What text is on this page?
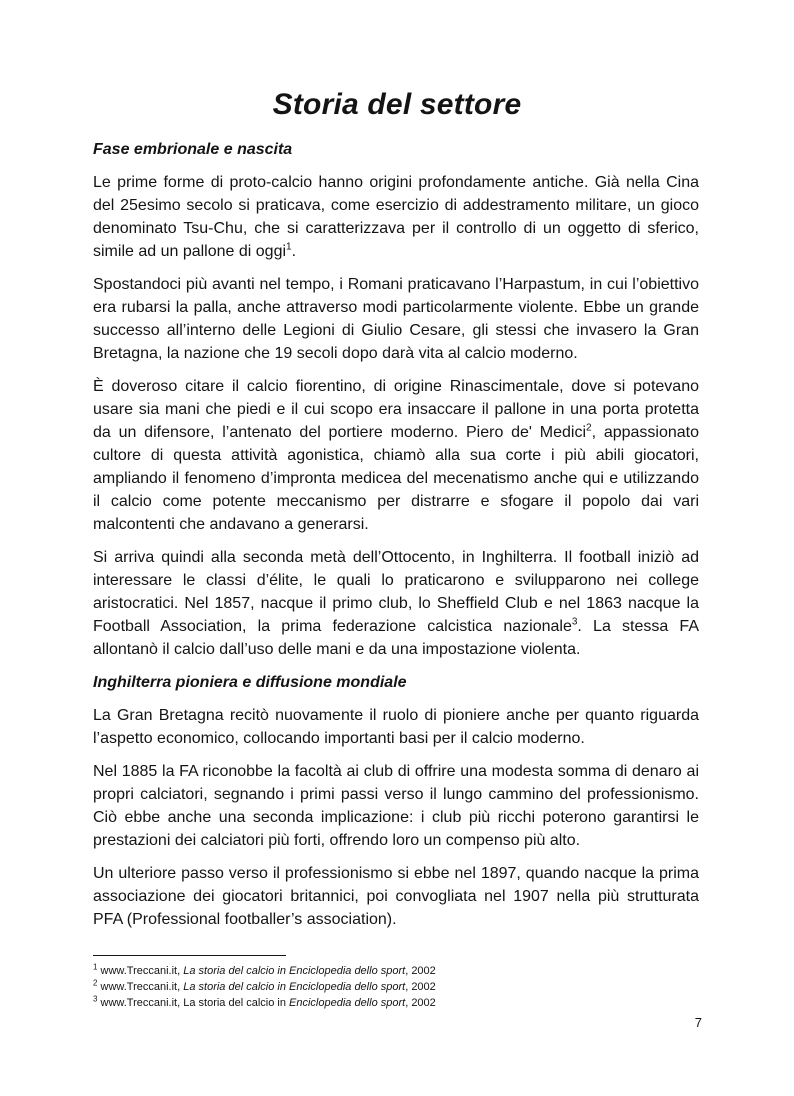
Storia del settore
Fase embrionale e nascita

Le prime forme di proto-calcio hanno origini profondamente antiche. Già nella Cina del 25esimo secolo si praticava, come esercizio di addestramento militare, un gioco denominato Tsu-Chu, che si caratterizzava per il controllo di un oggetto di sferico, simile ad un pallone di oggi$^1$.

Spostandoci più avanti nel tempo, i Romani praticavano l’Harpastum, in cui l’obiettivo era rubarsi la palla, anche attraverso modi particolarmente violente. Ebbe un grande successo all’interno delle Legioni di Giulio Cesare, gli stessi che invasero la Gran Bretagna, la nazione che 19 secoli dopo darà vita al calcio moderno.

È doveroso citare il calcio fiorentino, di origine Rinascimentale, dove si potevano usare sia mani che piedi e il cui scopo era insaccare il pallone in una porta protetta da un difensore, l’antenato del portiere moderno. Piero de' Medici$^2$, appassionato cultore di questa attività agonistica, chiamò alla sua corte i più abili giocatori, ampliando il fenomeno d’impronta medicea del mecenatismo anche qui e utilizzando il calcio come potente meccanismo per distrarre e sfogare il popolo dai vari malcontenti che andavano a generarsi.

Si arriva quindi alla seconda metà dell’Ottocento, in Inghilterra. Il football iniziò ad interessare le classi d’élite, le quali lo praticarono e svilupparono nei college aristocratici. Nel 1857, nacque il primo club, lo Sheffield Club e nel 1863 nacque la Football Association, la prima federazione calcistica nazionale$^3$. La stessa FA allontanò il calcio dall’uso delle mani e da una impostazione violenta.

Inghilterra pioniera e diffusione mondiale

La Gran Bretagna recitò nuovamente il ruolo di pioniere anche per quanto riguarda l’aspetto economico, collocando importanti basi per il calcio moderno.

Nel 1885 la FA riconobbe la facoltà ai club di offrire una modesta somma di denaro ai propri calciatori, segnando i primi passi verso il lungo cammino del professionismo. Ciò ebbe anche una seconda implicazione: i club più ricchi poterono garantirsi le prestazioni dei calciatori più forti, offrendo loro un compenso più alto.

Un ulteriore passo verso il professionismo si ebbe nel 1897, quando nacque la prima associazione dei giocatori britannici, poi convogliata nel 1907 nella più strutturata PFA (Professional footballer’s association).

$^1$ www.Treccani.it, La storia del calcio in Enciclopedia dello sport, 2002
$^2$ www.Treccani.it, La storia del calcio in Enciclopedia dello sport, 2002
$^3$ www.Treccani.it, La storia del calcio in Enciclopedia dello sport, 2002
7
